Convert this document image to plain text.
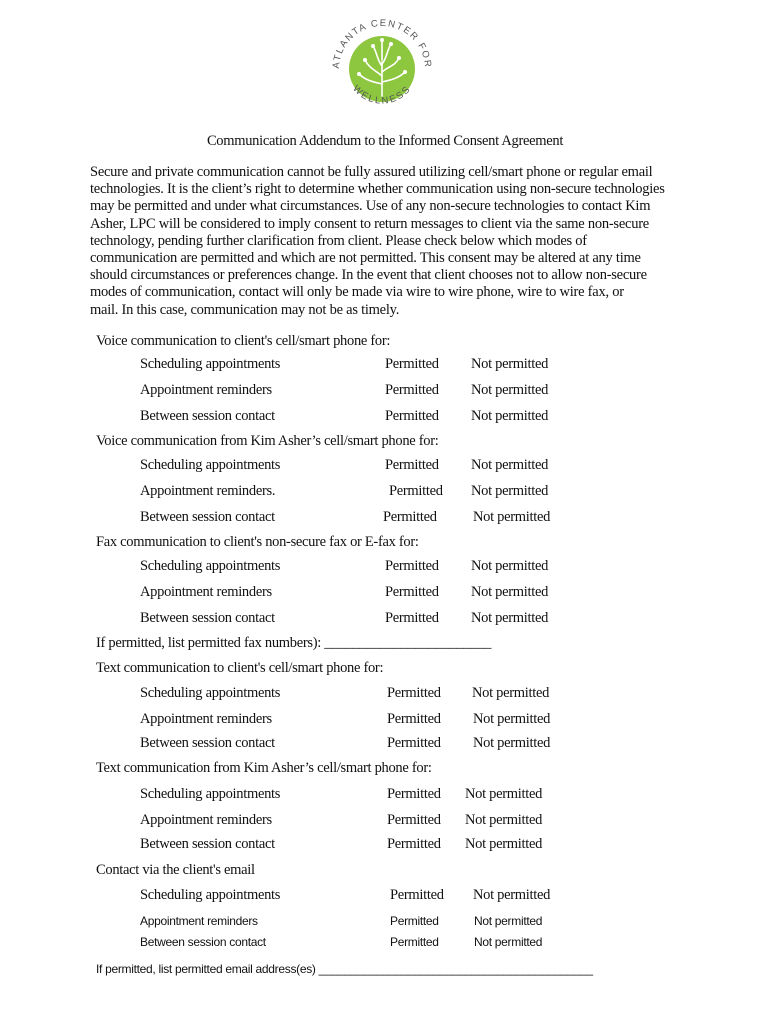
ATLANTA CENTER FOR
WELLNESS
Communication Addendum to the Informed Consent Agreement
Secure and private communication cannot be fully assured utilizing cell/smart phone or regular email
technologies. It is the client’s right to determine whether communication using non-secure technologies
may be permitted and under what circumstances. Use of any non-secure technologies to contact Kim
Asher, LPC will be considered to imply consent to return messages to client via the same non-secure
technology, pending further clarification from client. Please check below which modes of
communication are permitted and which are not permitted. This consent may be altered at any time
should circumstances or preferences change. In the event that client chooses not to allow non-secure
modes of communication, contact will only be made via wire to wire phone, wire to wire fax, or
mail. In this case, communication may not be as timely.
Voice communication to client's cell/smart phone for:
Scheduling appointments	Permitted Not permitted
Appointment reminders	Permitted Not permitted
Between session contact	Permitted Not permitted
Voice communication from Kim Asher’s cell/smart phone for:
Scheduling appointments	Permitted Not permitted
Appointment reminders.	Permitted Not permitted
Between session contact	Permitted	Not permitted
Fax communication to client's non-secure fax or E-fax for:
Scheduling appointments	Permitted Not permitted
Appointment reminders	Permitted Not permitted
Between session contact	Permitted Not permitted
If permitted, list permitted fax numbers): ________________________
Text communication to client's cell/smart phone for:
Scheduling appointments	Permitted Not permitted
Appointment reminders	Permitted Not permitted
Between session contact	Permitted Not permitted
Text communication from Kim Asher’s cell/smart phone for:
Scheduling appointments	Permitted Not permitted
Appointment reminders	Permitted Not permitted
Between session contact	Permitted Not permitted
Contact via the client's email
Scheduling appointments	Permitted Not permitted
Appointment reminders	Permitted	Not permitted
Between session contact	Permitted	Not permitted
If permitted, list permitted email address(es) ___________________________________________
